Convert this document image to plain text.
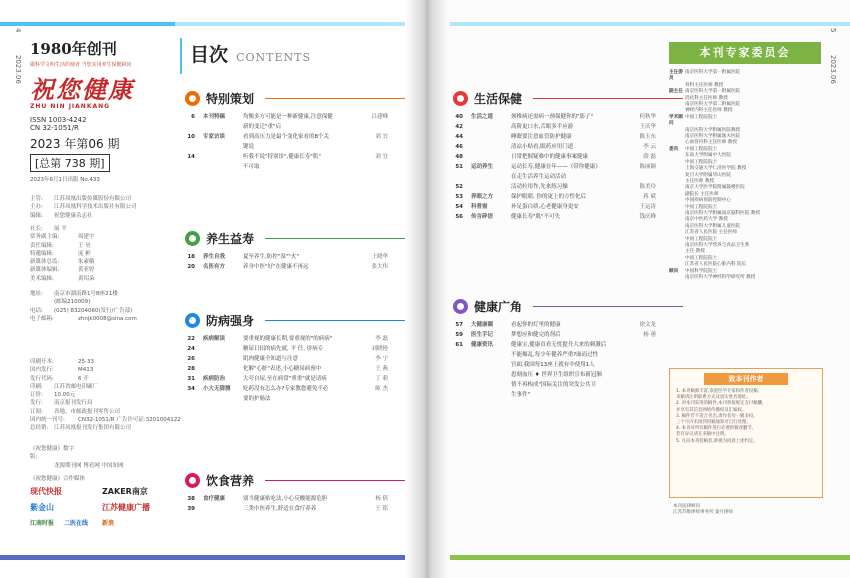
4
2023.06
1980年创刊
做科学文明生活的使者 当您实用养生保健顾问
祝您健康
ZHU NIN JIANKANG
ISSN 1003-4242
CN 32-1051/R
2023 年第06 期
[总第 738 期]
2023年6月1日出版 No.433
主管:	江苏凤凰出版传媒股份有限公司
主办:	江苏凤凰科学技术出版社有限公司
编辑:	祝您健康杂志社
社长:	展 平
常务副主编:	周建宇
责任编辑:	王 昊
特邀编辑:	庞 彬
新媒体总监:	朱素娥
新媒体编辑:	黄亚婷
美术编辑:	黄绍朵
地址:	南京市湖南路1号B座21楼
(邮编210009)
电话:	(025) 83204060(发行/广告部)
电子邮箱:	zhnjk0008@sina.com
印刷开本:	25-33
国内发行:	M413
发行代码:	6 开
印刷:	江苏省邮电印刷厂
订价:	10.00元
发行:	南京报刊发行局
订阅:	各地、市邮政报刊零售公司
国内统一刊号:	CN32-1051/R 广告许可证:3201004122
总经销:	江苏凤凰报刊发行集团有限公司
《祝您健康》数字版:
龙源期刊网 博看网 中国知网
《祝您健康》合作媒体
现代快报	ZAKER南京
紫金山	江苏健康广播
江南时报 二医在线 新浪
目次 CONTENTS
特别策划
6 本刊特稿	均衡多方可能是一种新健康,注意保健	吕建峰
新的变迁"重"启
10 专家访谈	看到高压力是最个变化家看的8个关	刘 宜
键说
14	听我不说"特别诊",健康长寿"肌"	刘 宜
不可取
养生益寿
18 养生自我	夏至养生,防控"湿""火"	王晓华
20 名医有方	养身中医"好"在健康不再远	张大伟
防病强身
22 疾病解读	要重视的健康长期,要重视的"的病病"	李 磊
24	糖尿日招的病先就, 平 任, 诊病专	刘晓艳
26	肌肉健康全知道与注意	李 宁
28	化解"心脏"表述,小心糖尿病预中	王 燕
31 疾病防治	大夸自尿,至在病常"重重"就是请病	丁 莉
34 小大无猜测	吃药没有怎么办?专家教您避免不必	陈 杰
要的护肠法
饮食营养
38 食疗健康	别当健康贴吃法,小心反酸能源危胆	杨 倩
39	三类中医养生,舒适在食疗养养	王 铭
5
2023.06
生活保健
40 生活之道	颈椎病还需病一颈保健你的"影子"	何秋华
42	高阶更口水,舌眼多半应游	王庆华
44	睡眠要注意血管防护健康	陈玉东
46	清凉小贴看,眼药应用门道	李 云
48	日常把握疑难中的健康事案健康	薛 磊
51 运动养生	运动长寿,健康在年——《带你健康》	陈丽颖
在走生活养生运动活动
52	活动拉用作,先来练习操	陈美玲
53 养眼之方	保护眼睛, 你的更上的方性化后	蒋 斌
54 科普窗	补足蛋白质,心老健康身更安	王运涛
56 传言碎语	健康长寿"肌"不可失	钱庆峰
健康广角
57 大健康圈	看起你的灯里的健康	徐文龙
59 医生手记	梦想应和健完的剂后	杨 蕙
61 健康资讯	健康宝,健康首看无忧提升大来的刺激后
不能爆乱,每少年健养严重?面而过性
宫面,我国每13座上就有中使用1人
患刻血压 ♦ 世界卫生组织宣布新冠肺
情不再构成"国际关注的突发公共卫
生事件"
本刊专家委员会
主任委员
南京医科大学第一附属医院
骨科主任医师 教授
副主任 南京医科大学第一附属医院
消化科主任医师 教授
南京医科大学第二附属医院
神经内科主任医师 教授
学术顾问
中国工程院院士
南京医科大学附属医院教授
南京医科大学附属逸夫医院
心血管内科主任医师 教授
委员	中国工程院院士
东南大学附属中大医院
中国工程院院士
上海交通大学仁济医学院 教授
复旦大学附属华山医院
主任医师 教授
南京大学医学院附属鼓楼医院
副院长 主任医师
中国疾病预防控制中心
中国工程院院士
南京医科大学附属南京脑科医院 教授
南京中医药大学 教授
南京医科大学附属儿童医院
江苏省人民医院 主任医师
中国工程院院士
南京医科大学营养与食品卫生系
主任 教授
中国工程院院士
江苏省人民医院心脏内科 院长
顾问	中国科学院院士
南京医科大学神经科学研究所 教授
致本刊作者
1. 本刊稿源丰富,欢迎医学专家和作者投稿,
来稿请注明联系方式及真实姓名地址。
2. 对本刊采用的稿件,本刊将按规定支付稿酬,
并享有其信息网络传播权及汇编权。
3. 稿件若不适合刊出,请作者勿一稿多投,
三个月内未接到用稿通知可自行处理。
4. 本刊对所有稿件进行必要的修改删节,
若有异议请在来稿中注明。
5. 凡向本刊投稿者,即视为同意上述约定。
本刊法律顾问
江苏苏维律师事务所 秦月律师
